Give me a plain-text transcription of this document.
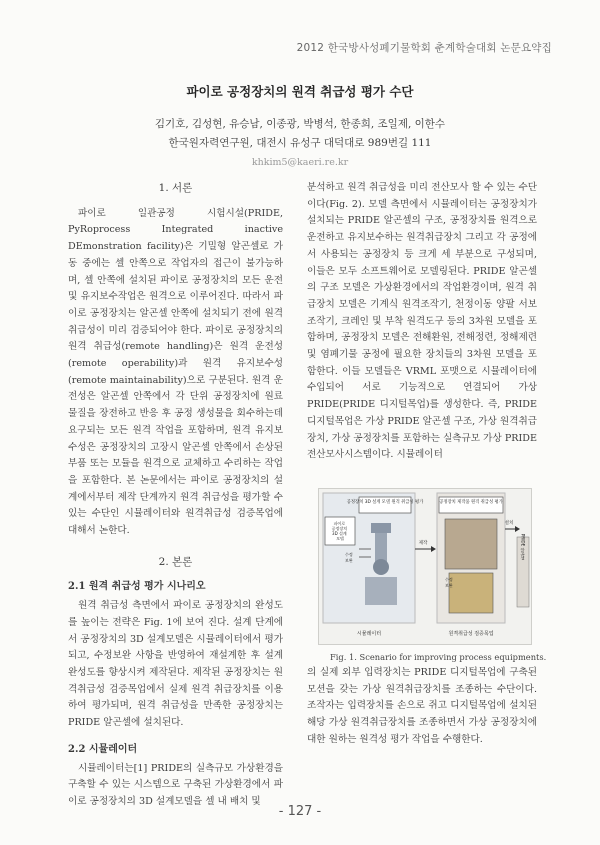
2012 한국방사성폐기물학회 춘계학술대회 논문요약집
파이로 공정장치의 원격 취급성 평가 수단
김기호, 김성현, 유승남, 이종광, 박병석, 한종희, 조일제, 이한수
한국원자력연구원, 대전시 유성구 대덕대로 989번길 111
khkim5@kaeri.re.kr
1. 서론

파이로 일관공정 시험시설(PRIDE, PyRoprocess Integrated inactive DEmonstration facility)은 기밀형 알곤셀로 가동 중에는 셀 안쪽으로 작업자의 접근이 불가능하며, 셀 안쪽에 설치된 파이로 공정장치의 모든 운전 및 유지보수작업은 원격으로 이루어진다. 따라서 파이로 공정장치는 알곤셀 안쪽에 설치되기 전에 원격 취급성이 미리 검증되어야 한다. 파이로 공정장치의 원격 취급성(remote handling)은 원격 운전성(remote operability)과 원격 유지보수성(remote maintainability)으로 구분된다. 원격 운전성은 알곤셀 안쪽에서 각 단위 공정장치에 원료 물질을 장전하고 반응 후 공정 생성물을 회수하는데 요구되는 모든 원격 작업을 포함하며, 원격 유지보수성은 공정장치의 고장시 알곤셀 안쪽에서 손상된 부품 또는 모듈을 원격으로 교체하고 수리하는 작업을 포함한다. 본 논문에서는 파이로 공정장치의 설계에서부터 제작 단계까지 원격 취급성을 평가할 수 있는 수단인 시뮬레이터와 원격취급성 검증목업에 대해서 논한다.

2. 본론
2.1 원격 취급성 평가 시나리오

원격 취급성 측면에서 파이로 공정장치의 완성도를 높이는 전략은 Fig. 1에 보여 진다. 설계 단계에서 공정장치의 3D 설계모델은 시뮬레이터에서 평가되고, 수정보완 사항을 반영하여 재설계한 후 설계 완성도를 향상시켜 제작된다. 제작된 공정장치는 원격취급성 검증목업에서 실제 원격 취급장치를 이용하여 평가되며, 원격 취급성을 만족한 공정장치는 PRIDE 알곤셀에 설치된다.

2.2 시뮬레이터

시뮬레이터는[1] PRIDE의 실측규모 가상환경을 구축할 수 있는 시스템으로 구축된 가상환경에서 파이로 공정장치의 3D 설계모델을 셀 내 배치 및

분석하고 원격 취급성을 미리 전산모사 할 수 있는 수단이다(Fig. 2). 모델 측면에서 시뮬레이터는 공정장치가 설치되는 PRIDE 알곤셀의 구조, 공정장치를 원격으로 운전하고 유지보수하는 원격취급장치 그리고 각 공정에서 사용되는 공정장치 등 크게 세 부분으로 구성되며, 이들은 모두 소프트웨어로 모델링된다. PRIDE 알곤셀의 구조 모델은 가상환경에서의 작업환경이며, 원격 취급장치 모델은 기계식 원격조작기, 천정이동 양팔 서보조작기, 크레인 및 부착 원격도구 등의 3차원 모델을 포함하며, 공정장치 모델은 전해환원, 전해정련, 정해제련 및 염폐기물 공정에 필요한 장치들의 3차원 모델을 포함한다. 이들 모델들은 VRML 포맷으로 시뮬레이터에 수입되어 서로 기능적으로 연결되어 가상 PRIDE(PRIDE 디지털목업)를 생성한다. 즉, PRIDE 디지털목업은 가상 PRIDE 알곤셀 구조, 가상 원격취급장치, 가상 공정장치를 포함하는 실측규모 가상 PRIDE 전산모사시스템이다. 시뮬레이터

공정장치 3D 설계 모델 원격 취급성 평가
파이로 공정장치 3D 설계 모델
수정
보완
시뮬레이터
제작
공정장치 제작품 원격 취급성 평가
수정
보완
원격취급성 검증목업
설치
PRIDE 알곤셀
Fig. 1. Scenario for improving process equipments.

의 실제 외부 입력장치는 PRIDE 디지털목업에 구축된 모션을 갖는 가상 원격취급장치를 조종하는 수단이다. 조작자는 입력장치를 손으로 쥐고 디지털목업에 설치된 해당 가상 원격취급장치를 조종하면서 가상 공정장치에 대한 원하는 원격성 평가 작업을 수행한다.

- 127 -
